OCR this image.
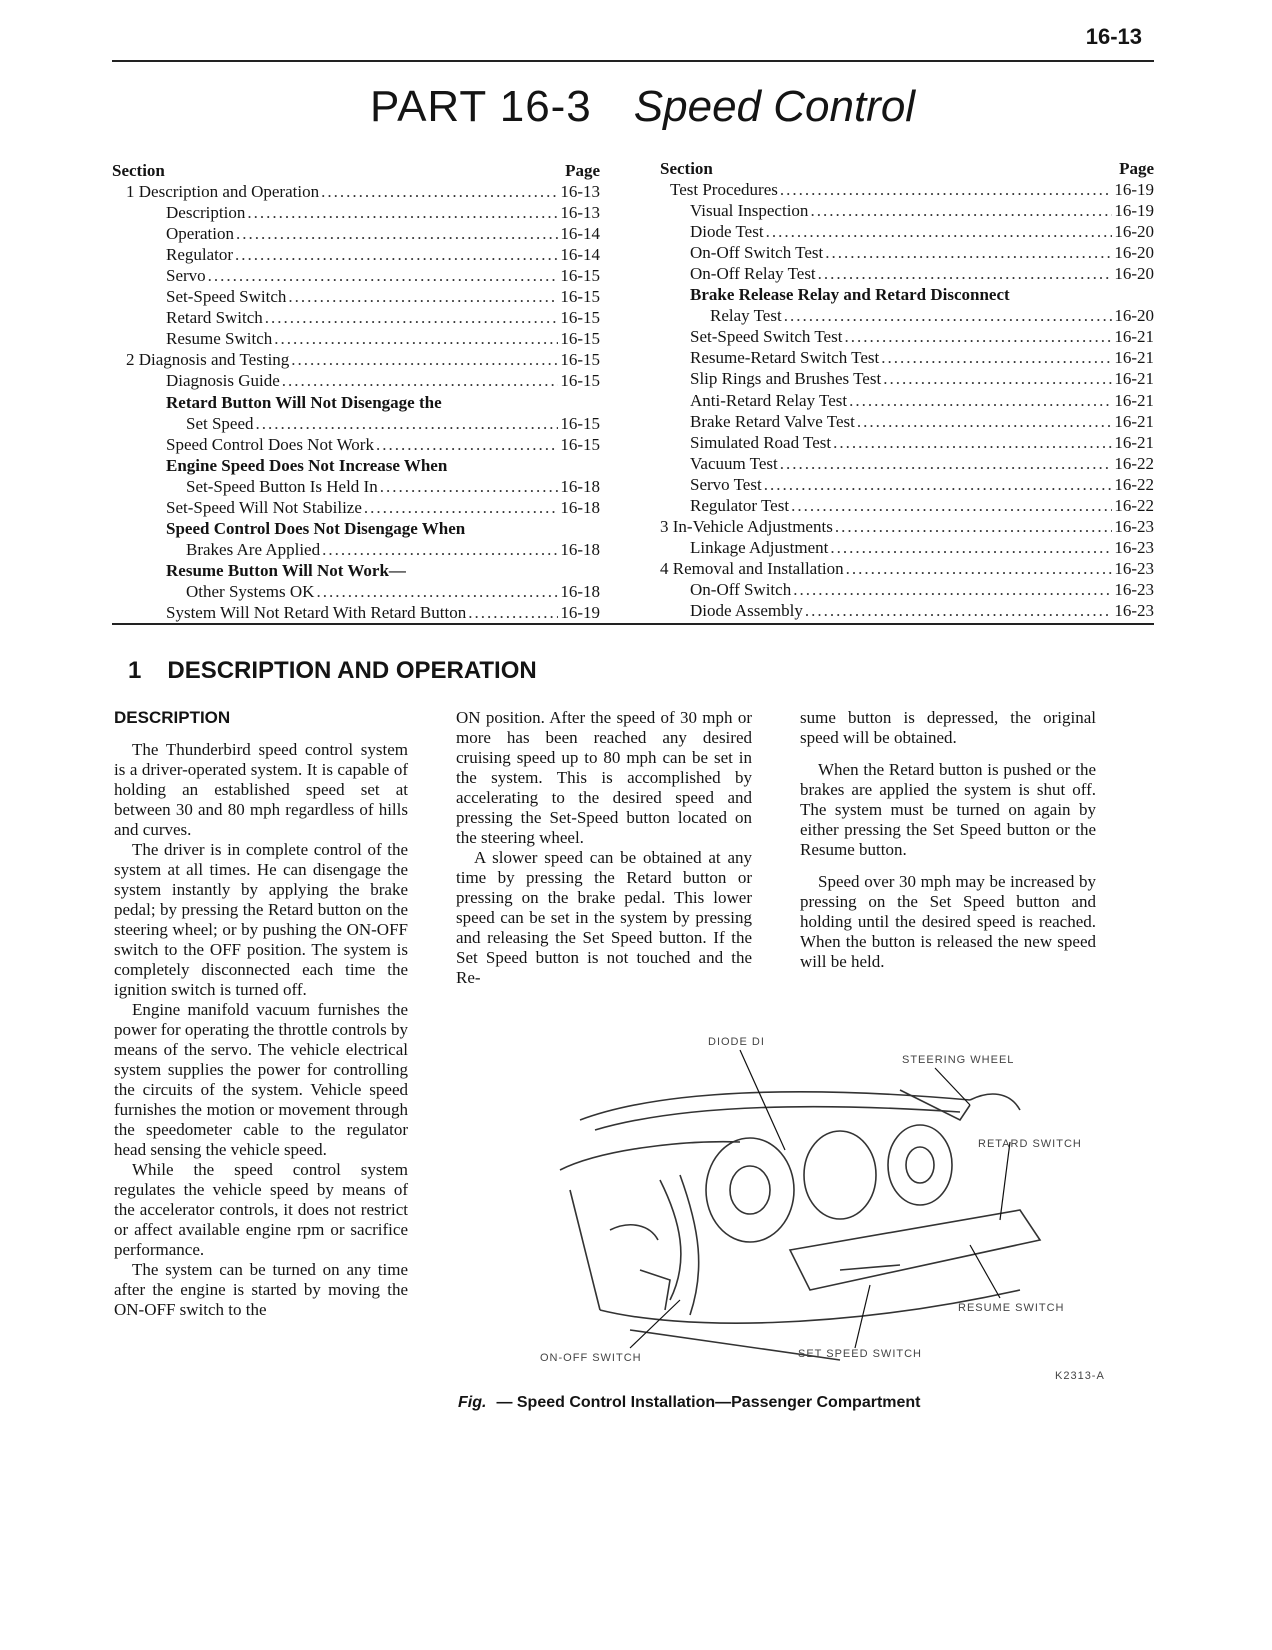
16-13
PART 16-3 Speed Control
Section	Page
1 Description and Operation .....	16-13
Description .....	16-13
Operation .....	16-14
Regulator .....	16-14
Servo .....	16-15
Set-Speed Switch .....	16-15
Retard Switch .....	16-15
Resume Switch .....	16-15
2 Diagnosis and Testing .....	16-15
Diagnosis Guide .....	16-15
Retard Button Will Not Disengage the
Set Speed .....	16-15
Speed Control Does Not Work .....	16-15
Engine Speed Does Not Increase When
Set-Speed Button Is Held In .....	16-18
Set-Speed Will Not Stabilize .....	16-18
Speed Control Does Not Disengage When
Brakes Are Applied .....	16-18
Resume Button Will Not Work—
Other Systems OK .....	16-18
System Will Not Retard With Retard Button .....	16-19
Section	Page
Test Procedures .....	16-19
Visual Inspection .....	16-19
Diode Test .....	16-20
On-Off Switch Test .....	16-20
On-Off Relay Test .....	16-20
Brake Release Relay and Retard Disconnect
Relay Test .....	16-20
Set-Speed Switch Test .....	16-21
Resume-Retard Switch Test .....	16-21
Slip Rings and Brushes Test .....	16-21
Anti-Retard Relay Test .....	16-21
Brake Retard Valve Test .....	16-21
Simulated Road Test .....	16-21
Vacuum Test .....	16-22
Servo Test .....	16-22
Regulator Test .....	16-22
3 In-Vehicle Adjustments .....	16-23
Linkage Adjustment .....	16-23
4 Removal and Installation .....	16-23
On-Off Switch .....	16-23
Diode Assembly .....	16-23
1 DESCRIPTION AND OPERATION
DESCRIPTION

The Thunderbird speed control system is a driver-operated system. It is capable of holding an established speed set at between 30 and 80 mph regardless of hills and curves.

The driver is in complete control of the system at all times. He can disengage the system instantly by applying the brake pedal; by pressing the Retard button on the steering wheel; or by pushing the ON-OFF switch to the OFF position. The system is completely disconnected each time the ignition switch is turned off.

Engine manifold vacuum furnishes the power for operating the throttle controls by means of the servo. The vehicle electrical system supplies the power for controlling the circuits of the system. Vehicle speed furnishes the motion or movement through the speedometer cable to the regulator head sensing the vehicle speed.

While the speed control system regulates the vehicle speed by means of the accelerator controls, it does not restrict or affect available engine rpm or sacrifice performance.

The system can be turned on any time after the engine is started by moving the ON-OFF switch to the

ON position. After the speed of 30 mph or more has been reached any desired cruising speed up to 80 mph can be set in the system. This is accomplished by accelerating to the desired speed and pressing the Set-Speed button located on the steering wheel.

A slower speed can be obtained at any time by pressing the Retard button or pressing on the brake pedal. This lower speed can be set in the system by pressing and releasing the Set Speed button. If the Set Speed button is not touched and the Re-

sume button is depressed, the original speed will be obtained.

When the Retard button is pushed or the brakes are applied the system is shut off. The system must be turned on again by either pressing the Set Speed button or the Resume button.

Speed over 30 mph may be increased by pressing on the Set Speed button and holding until the desired speed is reached. When the button is released the new speed will be held.

DIODE DI
STEERING WHEEL
RETARD SWITCH
RESUME SWITCH
SET SPEED SWITCH
ON-OFF SWITCH
K2313-A
Fig. — Speed Control Installation—Passenger Compartment
